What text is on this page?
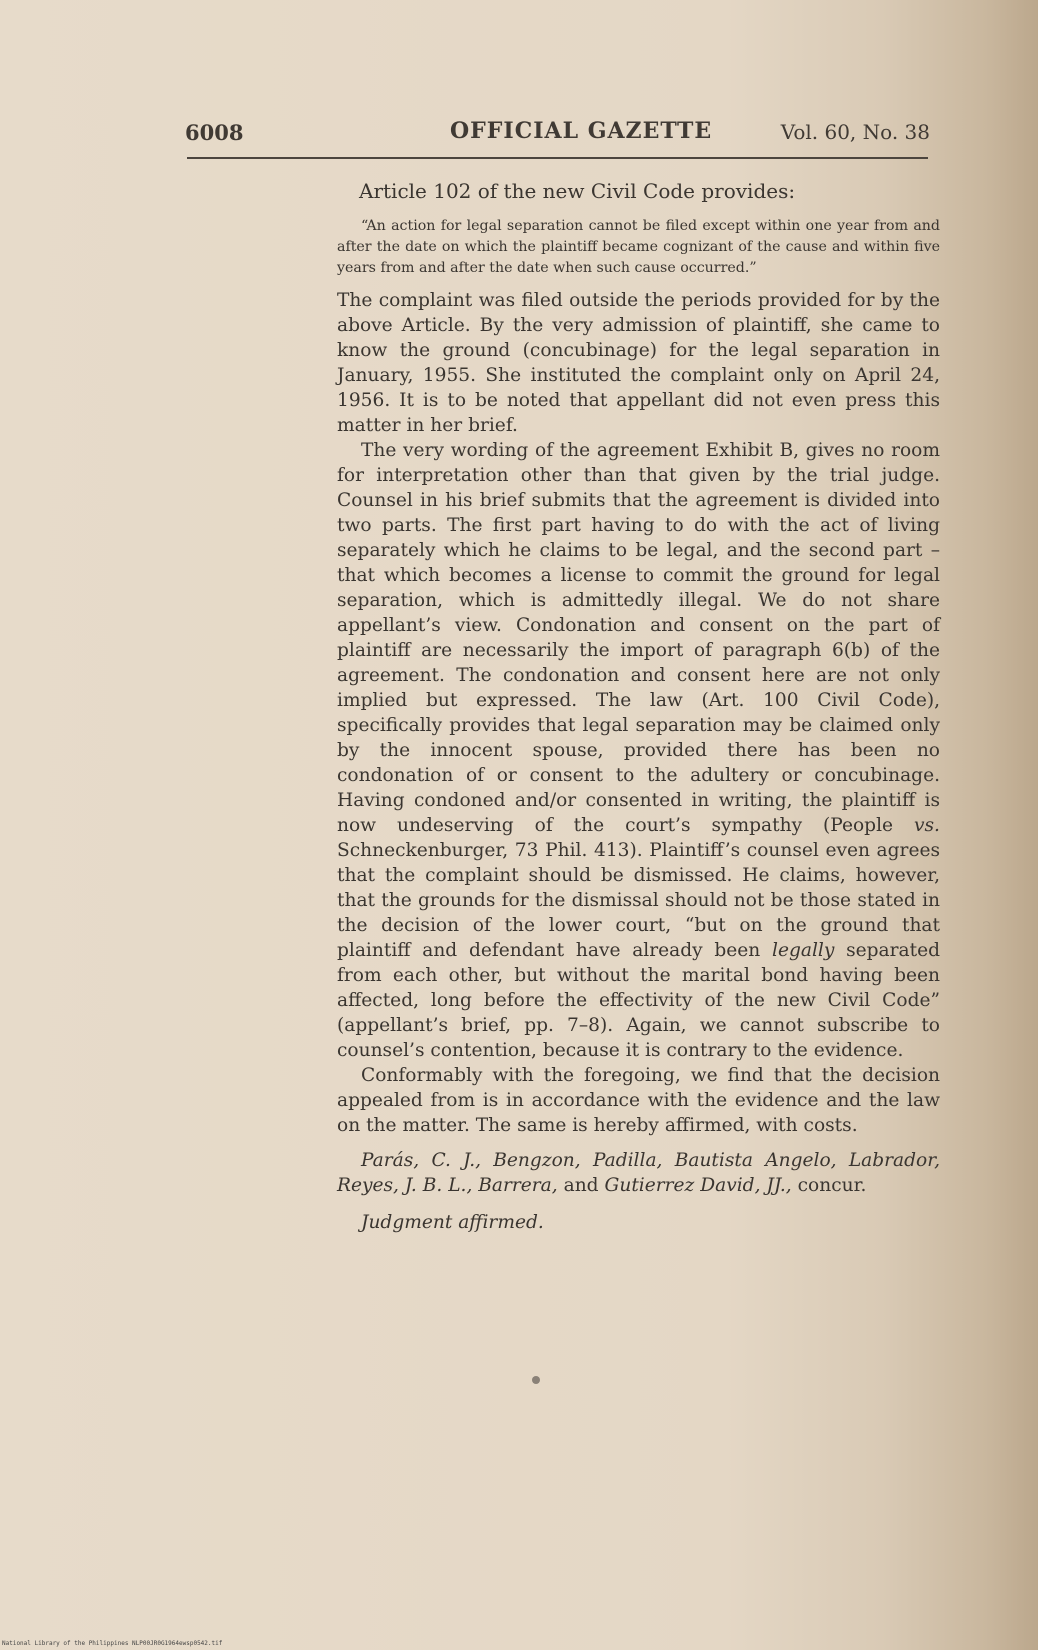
6008	OFFICIAL GAZETTE	Vol. 60, No. 38
Article 102 of the new Civil Code provides:
“An action for legal separation cannot be filed except within one year from and after the date on which the plaintiff became cognizant of the cause and within five years from and after the date when such cause occurred.”

The complaint was filed outside the periods provided for by the above Article. By the very admission of plaintiff, she came to know the ground (concubinage) for the legal separation in January, 1955. She instituted the complaint only on April 24, 1956. It is to be noted that appellant did not even press this matter in her brief.

The very wording of the agreement Exhibit B, gives no room for interpretation other than that given by the trial judge. Counsel in his brief submits that the agreement is divided into two parts. The first part having to do with the act of living separately which he claims to be legal, and the second part – that which becomes a license to commit the ground for legal separation, which is admittedly illegal. We do not share appellant’s view. Condonation and consent on the part of plaintiff are necessarily the import of paragraph 6(b) of the agreement. The condonation and consent here are not only implied but expressed. The law (Art. 100 Civil Code), specifically provides that legal separation may be claimed only by the innocent spouse, provided there has been no condonation of or consent to the adultery or concubinage. Having condoned and/or consented in writing, the plaintiff is now undeserving of the court’s sympathy (People vs. Schneckenburger, 73 Phil. 413). Plaintiff’s counsel even agrees that the complaint should be dismissed. He claims, however, that the grounds for the dismissal should not be those stated in the decision of the lower court, “but on the ground that plaintiff and defendant have already been legally separated from each other, but without the marital bond having been affected, long before the effectivity of the new Civil Code” (appellant’s brief, pp. 7–8). Again, we cannot subscribe to counsel’s contention, because it is contrary to the evidence.

Conformably with the foregoing, we find that the decision appealed from is in accordance with the evidence and the law on the matter. The same is hereby affirmed, with costs.

Parás, C. J., Bengzon, Padilla, Bautista Angelo, Labrador, Reyes, J. B. L., Barrera, and Gutierrez David, JJ., concur.

Judgment affirmed.

National Library of the Philippines NLP00JR0G1964ewsp0542.tif
